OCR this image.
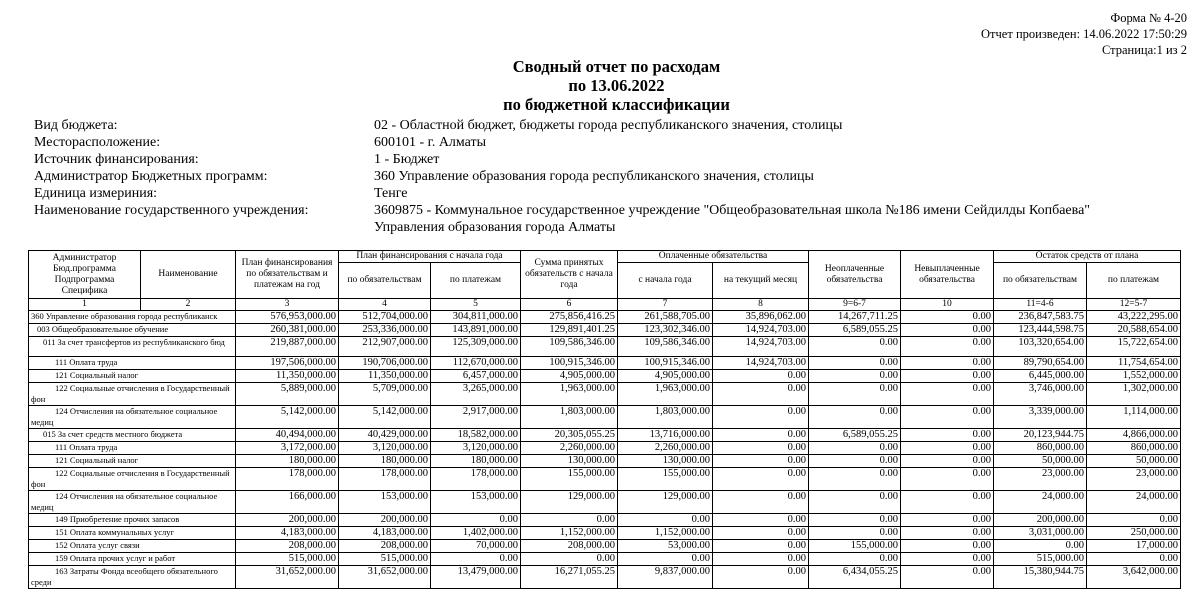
Форма № 4-20
Отчет произведен: 14.06.2022 17:50:29
Страница:1 из 2
Сводный отчет по расходам
по 13.06.2022
по бюджетной классификации
Вид бюджета:	02 - Областной бюджет, бюджеты города республиканского значения, столицы
Месторасположение:	600101 - г. Алматы
Источник финансирования:	1 - Бюджет
Администратор Бюджетных программ:	360 Управление образования города республиканского значения, столицы
Единица измериния:	Тенге
Наименование государственного учреждения:	3609875 - Коммунальное государственное учреждение "Общеобразовательная школа №186 имени Сейдилды Копбаева"
Управления образования города Алматы
Администратор
Бюд.программа
Подпрограмма
Специфика	Наименование	План финансирования по обязательствам и платежам на год	План финансирования с начала года		Сумма принятых обязательств с начала года	Оплаченные обязательства		Неоплаченные обязательства	Невыплаченные обязательства	Остаток средств от плана	
			по обязательствам	по платежам		с начала года	на текущий месяц			по обязательствам	по платежам
1	2	3	4	5	6	7	8	9=6-7	10	11=4-6	12=5-7
360 Управление образования города республиканск		576,953,000.00	512,704,000.00	304,811,000.00	275,856,416.25	261,588,705.00	35,896,062.00	14,267,711.25	0.00	236,847,583.75	43,222,295.00
003 Общеобразовательное обучение		260,381,000.00	253,336,000.00	143,891,000.00	129,891,401.25	123,302,346.00	14,924,703.00	6,589,055.25	0.00	123,444,598.75	20,588,654.00
011 За счет трансфертов из республиканского бюд		219,887,000.00	212,907,000.00	125,309,000.00	109,586,346.00	109,586,346.00	14,924,703.00	0.00	0.00	103,320,654.00	15,722,654.00
111 Оплата труда		197,506,000.00	190,706,000.00	112,670,000.00	100,915,346.00	100,915,346.00	14,924,703.00	0.00	0.00	89,790,654.00	11,754,654.00
121 Социальный налог		11,350,000.00	11,350,000.00	6,457,000.00	4,905,000.00	4,905,000.00	0.00	0.00	0.00	6,445,000.00	1,552,000.00
122 Социальные отчисления в Государственный фон		5,889,000.00	5,709,000.00	3,265,000.00	1,963,000.00	1,963,000.00	0.00	0.00	0.00	3,746,000.00	1,302,000.00
124 Отчисления на обязательное социальное медиц		5,142,000.00	5,142,000.00	2,917,000.00	1,803,000.00	1,803,000.00	0.00	0.00	0.00	3,339,000.00	1,114,000.00
015 За счет средств местного бюджета		40,494,000.00	40,429,000.00	18,582,000.00	20,305,055.25	13,716,000.00	0.00	6,589,055.25	0.00	20,123,944.75	4,866,000.00
111 Оплата труда		3,172,000.00	3,120,000.00	3,120,000.00	2,260,000.00	2,260,000.00	0.00	0.00	0.00	860,000.00	860,000.00
121 Социальный налог		180,000.00	180,000.00	180,000.00	130,000.00	130,000.00	0.00	0.00	0.00	50,000.00	50,000.00
122 Социальные отчисления в Государственный фон		178,000.00	178,000.00	178,000.00	155,000.00	155,000.00	0.00	0.00	0.00	23,000.00	23,000.00
124 Отчисления на обязательное социальное медиц		166,000.00	153,000.00	153,000.00	129,000.00	129,000.00	0.00	0.00	0.00	24,000.00	24,000.00
149 Приобретение прочих запасов		200,000.00	200,000.00	0.00	0.00	0.00	0.00	0.00	0.00	200,000.00	0.00
151 Оплата коммунальных услуг		4,183,000.00	4,183,000.00	1,402,000.00	1,152,000.00	1,152,000.00	0.00	0.00	0.00	3,031,000.00	250,000.00
152 Оплата услуг связи		208,000.00	208,000.00	70,000.00	208,000.00	53,000.00	0.00	155,000.00	0.00	0.00	17,000.00
159 Оплата прочих услуг и работ		515,000.00	515,000.00	0.00	0.00	0.00	0.00	0.00	0.00	515,000.00	0.00
163 Затраты Фонда всеобщего обязательного среди		31,652,000.00	31,652,000.00	13,479,000.00	16,271,055.25	9,837,000.00	0.00	6,434,055.25	0.00	15,380,944.75	3,642,000.00
